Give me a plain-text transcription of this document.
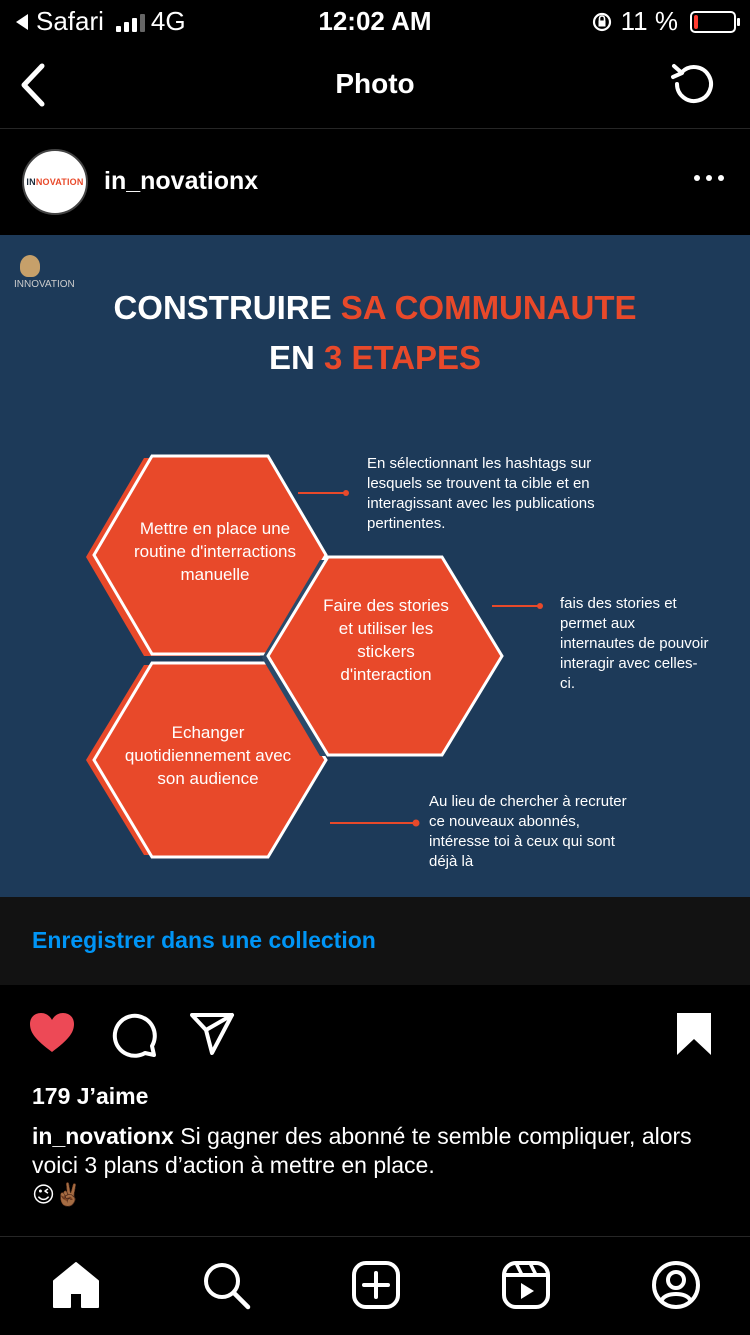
Safari 4G	12:02 AM	11 %
Photo
INNOVATION in_novationx
INNOVATION
CONSTRUIRE SA COMMUNAUTE
EN 3 ETAPES
Mettre en place une routine d'interractions manuelle
Faire des stories et utiliser les stickers d'interaction
Echanger quotidiennement avec son audience
En sélectionnant les hashtags sur lesquels se trouvent ta cible et en interagissant avec les publications pertinentes.
fais des stories et permet aux internautes de pouvoir interagir avec celles-ci.
Au lieu de chercher à recruter ce nouveaux abonnés, intéresse toi à ceux qui sont déjà là
Enregistrer dans une collection
179 J’aime
in_novationx Si gagner des abonné te semble compliquer, alors voici 3 plans d’action à mettre en place.
😉✌🏾
